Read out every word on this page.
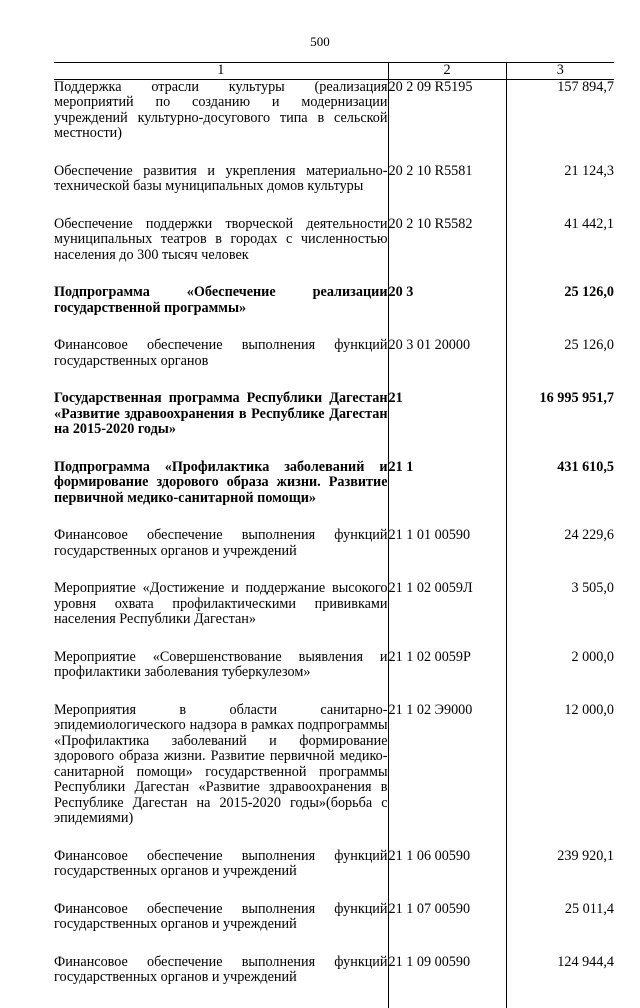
500
1	2	3
Поддержка отрасли культуры (реализация мероприятий по созданию и модернизации учреждений культурно-досугового типа в сельской местности)	20 2 09 R5195	157 894,7

Обеспечение развития и укрепления материально-технической базы муниципальных домов культуры	20 2 10 R5581	21 124,3

Обеспечение поддержки творческой деятельности муниципальных театров в городах с численностью населения до 300 тысяч человек	20 2 10 R5582	41 442,1

Подпрограмма «Обеспечение реализации государственной программы»	20 3	25 126,0

Финансовое обеспечение выполнения функций государственных органов	20 3 01 20000	25 126,0

Государственная программа Республики Дагестан «Развитие здравоохранения в Республике Дагестан на 2015-2020 годы»	21	16 995 951,7

Подпрограмма «Профилактика заболеваний и формирование здорового образа жизни. Развитие первичной медико-санитарной помощи»	21 1	431 610,5

Финансовое обеспечение выполнения функций государственных органов и учреждений	21 1 01 00590	24 229,6

Мероприятие «Достижение и поддержание высокого уровня охвата профилактическими прививками населения Республики Дагестан»	21 1 02 0059Л	3 505,0

Мероприятие «Совершенствование выявления и профилактики заболевания туберкулезом»	21 1 02 0059Р	2 000,0

Мероприятия в области санитарно-эпидемиологического надзора в рамках подпрограммы «Профилактика заболеваний и формирование здорового образа жизни. Развитие первичной медико-санитарной помощи» государственной программы Республики Дагестан «Развитие здравоохранения в Республике Дагестан на 2015-2020 годы»(борьба с эпидемиями)	21 1 02 Э9000	12 000,0

Финансовое обеспечение выполнения функций государственных органов и учреждений	21 1 06 00590	239 920,1

Финансовое обеспечение выполнения функций государственных органов и учреждений	21 1 07 00590	25 011,4

Финансовое обеспечение выполнения функций государственных органов и учреждений	21 1 09 00590	124 944,4
